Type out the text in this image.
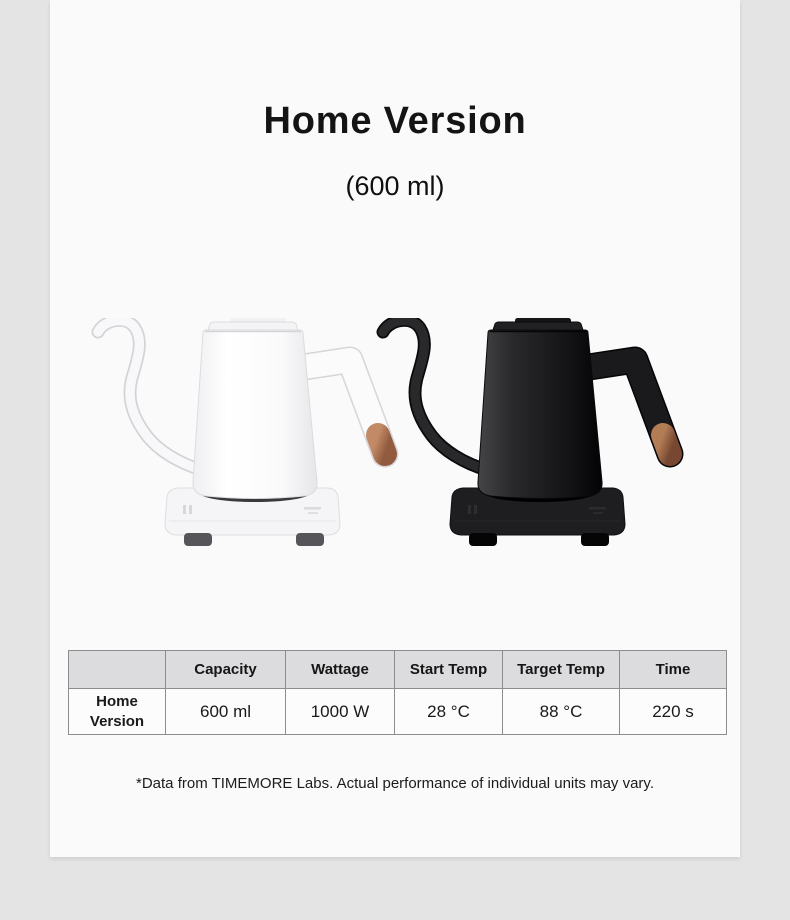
Home Version
(600 ml)
	Capacity	Wattage	Start Temp	Target Temp	Time
Home Version	600 ml	1000 W	28 °C	88 °C	220 s
*Data from TIMEMORE Labs. Actual performance of individual units may vary.
